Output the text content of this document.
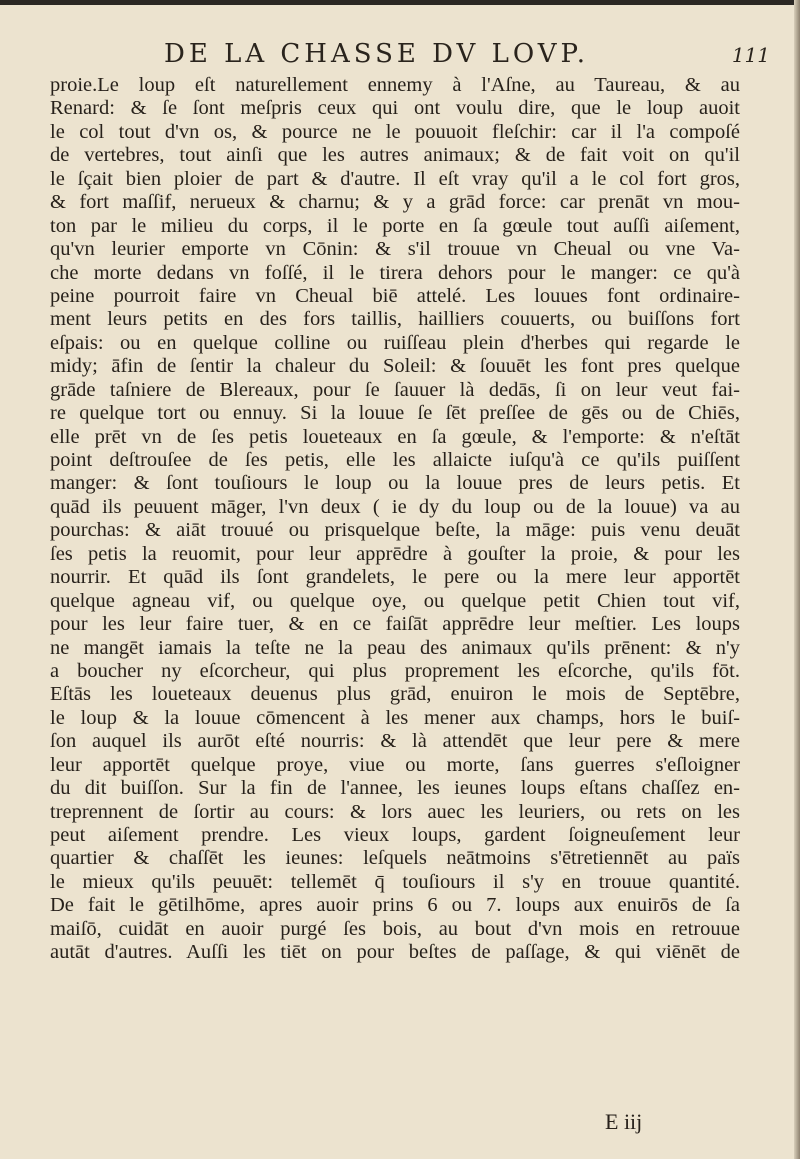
DE LA CHASSE DV LOVP.	111
proie.Le loup eſt naturellement ennemy à l'Aſne, au Taureau, & au
Renard: & ſe ſont meſpris ceux qui ont voulu dire, que le loup auoit
le col tout d'vn os, & pource ne le pouuoit fleſchir: car il l'a compoſé
de vertebres, tout ainſi que les autres animaux; & de fait voit on qu'il
le ſçait bien ploier de part & d'autre. Il eſt vray qu'il a le col fort gros,
& fort maſſif, nerueux & charnu; & y a grād force: car prenāt vn mou-
ton par le milieu du corps, il le porte en ſa gœule tout auſſi aiſement,
qu'vn leurier emporte vn Cōnin: & s'il trouue vn Cheual ou vne Va-
che morte dedans vn foſſé, il le tirera dehors pour le manger: ce qu'à
peine pourroit faire vn Cheual biē attelé. Les louues font ordinaire-
ment leurs petits en des fors taillis, hailliers couuerts, ou buiſſons fort
eſpais: ou en quelque colline ou ruiſſeau plein d'herbes qui regarde le
midy; āfin de ſentir la chaleur du Soleil: & ſouuēt les font pres quelque
grāde taſniere de Blereaux, pour ſe ſauuer là dedās, ſi on leur veut fai-
re quelque tort ou ennuy. Si la louue ſe ſēt preſſee de gēs ou de Chiēs,
elle prēt vn de ſes petis loueteaux en ſa gœule, & l'emporte: & n'eſtāt
point deſtrouſee de ſes petis, elle les allaicte iuſqu'à ce qu'ils puiſſent
manger: & ſont touſiours le loup ou la louue pres de leurs petis. Et
quād ils peuuent māger, l'vn deux ( ie dy du loup ou de la louue) va au
pourchas: & aiāt trouué ou prisquelque beſte, la māge: puis venu deuāt
ſes petis la reuomit, pour leur apprēdre à gouſter la proie, & pour les
nourrir. Et quād ils ſont grandelets, le pere ou la mere leur apportēt
quelque agneau vif, ou quelque oye, ou quelque petit Chien tout vif,
pour les leur faire tuer, & en ce faiſāt apprēdre leur meſtier. Les loups
ne mangēt iamais la teſte ne la peau des animaux qu'ils prēnent: & n'y
a boucher ny eſcorcheur, qui plus proprement les eſcorche, qu'ils fōt.
Eſtās les loueteaux deuenus plus grād, enuiron le mois de Septēbre,
le loup & la louue cōmencent à les mener aux champs, hors le buiſ-
ſon auquel ils aurōt eſté nourris: & là attendēt que leur pere & mere
leur apportēt quelque proye, viue ou morte, ſans guerres s'eſloigner
du dit buiſſon. Sur la fin de l'annee, les ieunes loups eſtans chaſſez en-
treprennent de ſortir au cours: & lors auec les leuriers, ou rets on les
peut aiſement prendre. Les vieux loups, gardent ſoigneuſement leur
quartier & chaſſēt les ieunes: leſquels neātmoins s'ētretiennēt au païs
le mieux qu'ils peuuēt: tellemēt q̄ touſiours il s'y en trouue quantité.
De fait le gētilhōme, apres auoir prins 6 ou 7. loups aux enuirōs de ſa
maiſō, cuidāt en auoir purgé ſes bois, au bout d'vn mois en retrouue
autāt d'autres. Auſſi les tiēt on pour beſtes de paſſage, & qui viēnēt de
E iij
